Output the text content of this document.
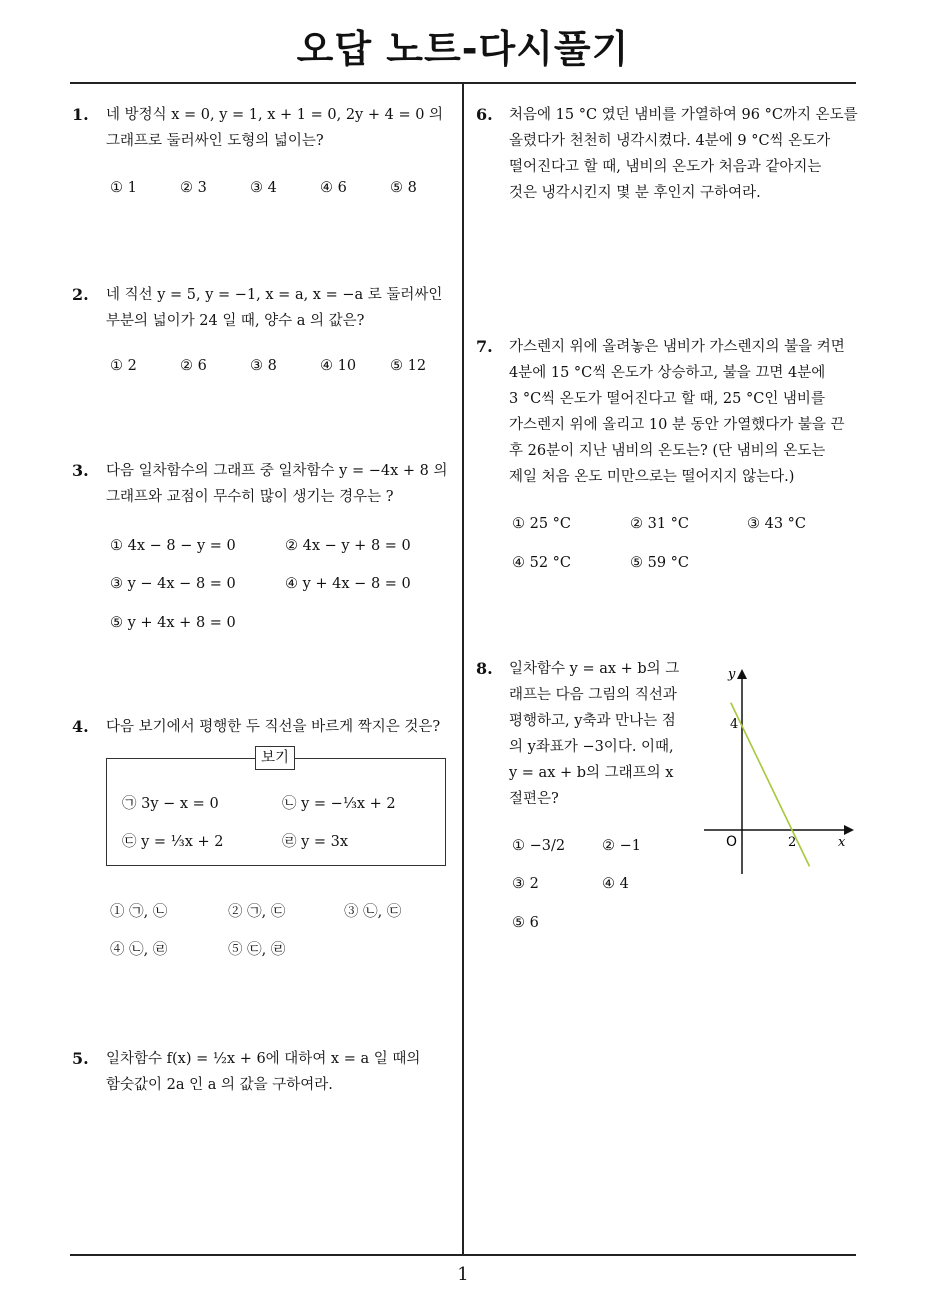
오답 노트-다시풀기
1. 네 방정식 x = 0, y = 1, x + 1 = 0, 2y + 4 = 0 의
그래프로 둘러싸인 도형의 넓이는?
① 1	② 3	③ 4	④ 6	⑤ 8
2. 네 직선 y = 5, y = −1, x = a, x = −a 로 둘러싸인
부분의 넓이가 24 일 때, 양수 a 의 값은?
① 2	② 6	③ 8	④ 10 ⑤ 12
3. 다음 일차함수의 그래프 중 일차함수 y = −4x + 8 의
그래프와 교점이 무수히 많이 생기는 경우는 ?
① 4x − 8 − y = 0	② 4x − y + 8 = 0
③ y − 4x − 8 = 0	④ y + 4x − 8 = 0
⑤ y + 4x + 8 = 0
4. 다음 보기에서 평행한 두 직선을 바르게 짝지은 것은?
보기
㉠ 3y − x = 0	㉡ y = −⅓x + 2
㉢ y = ⅓x + 2	㉣ y = 3x
① ㉠, ㉡	② ㉠, ㉢	③ ㉡, ㉢
④ ㉡, ㉣	⑤ ㉢, ㉣
5. 일차함수 f(x) = ½x + 6에 대하여 x = a 일 때의
함숫값이 2a 인 a 의 값을 구하여라.
6. 처음에 15 °C 였던 냄비를 가열하여 96 °C까지 온도를
올렸다가 천천히 냉각시켰다. 4분에 9 °C씩 온도가
떨어진다고 할 때, 냄비의 온도가 처음과 같아지는
것은 냉각시킨지 몇 분 후인지 구하여라.
7. 가스렌지 위에 올려놓은 냄비가 가스렌지의 불을 켜면
4분에 15 °C씩 온도가 상승하고, 불을 끄면 4분에
3 °C씩 온도가 떨어진다고 할 때, 25 °C인 냄비를
가스렌지 위에 올리고 10 분 동안 가열했다가 불을 끈
후 26분이 지난 냄비의 온도는? (단 냄비의 온도는
제일 처음 온도 미만으로는 떨어지지 않는다.)
① 25 °C	② 31 °C	③ 43 °C
④ 52 °C	⑤ 59 °C
8. 일차함수 y = ax + b의 그
래프는 다음 그림의 직선과
평행하고, y축과 만나는 점
의 y좌표가 −3이다. 이때,
y = ax + b의 그래프의 x
절편은?
① −3/2	② −1
③ 2	④ 4
⑤ 6
y
x
O
4
2
1
